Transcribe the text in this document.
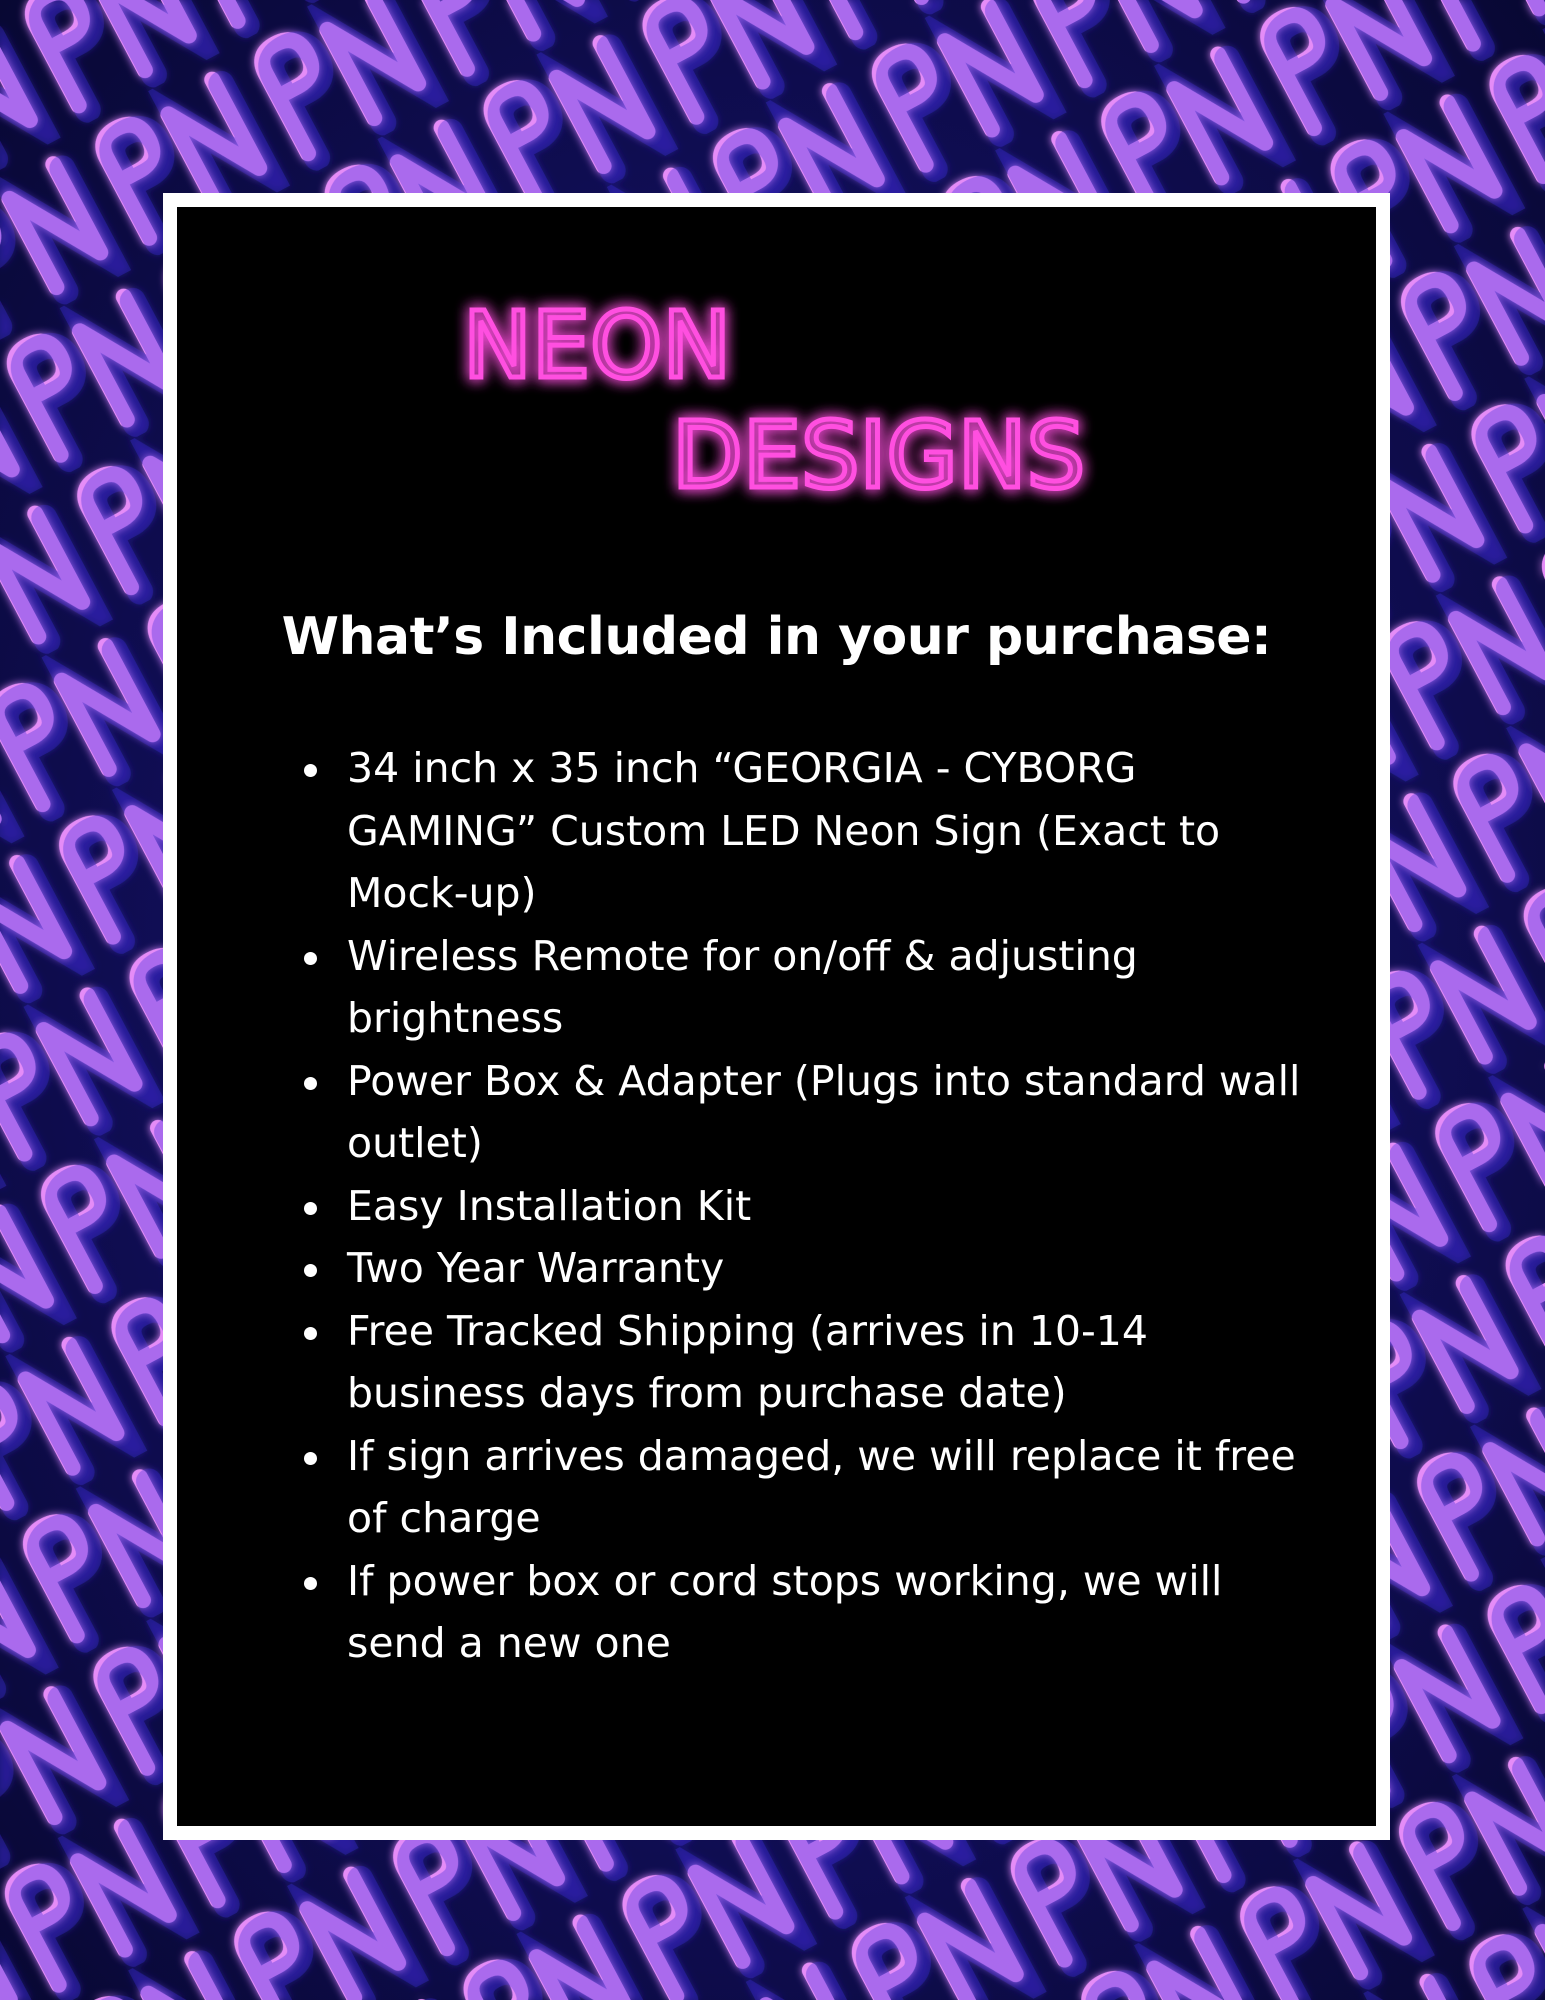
NEON
DESIGNS
What’s Included in your purchase:
34 inch x 35 inch “GEORGIA - CYBORG GAMING” Custom LED Neon Sign (Exact to Mock-up)
Wireless Remote for on/off & adjusting brightness
Power Box & Adapter (Plugs into standard wall outlet)
Easy Installation Kit
Two Year Warranty
Free Tracked Shipping (arrives in 10-14 business days from purchase date)
If sign arrives damaged, we will replace it free of charge
If power box or cord stops working, we will send a new one
